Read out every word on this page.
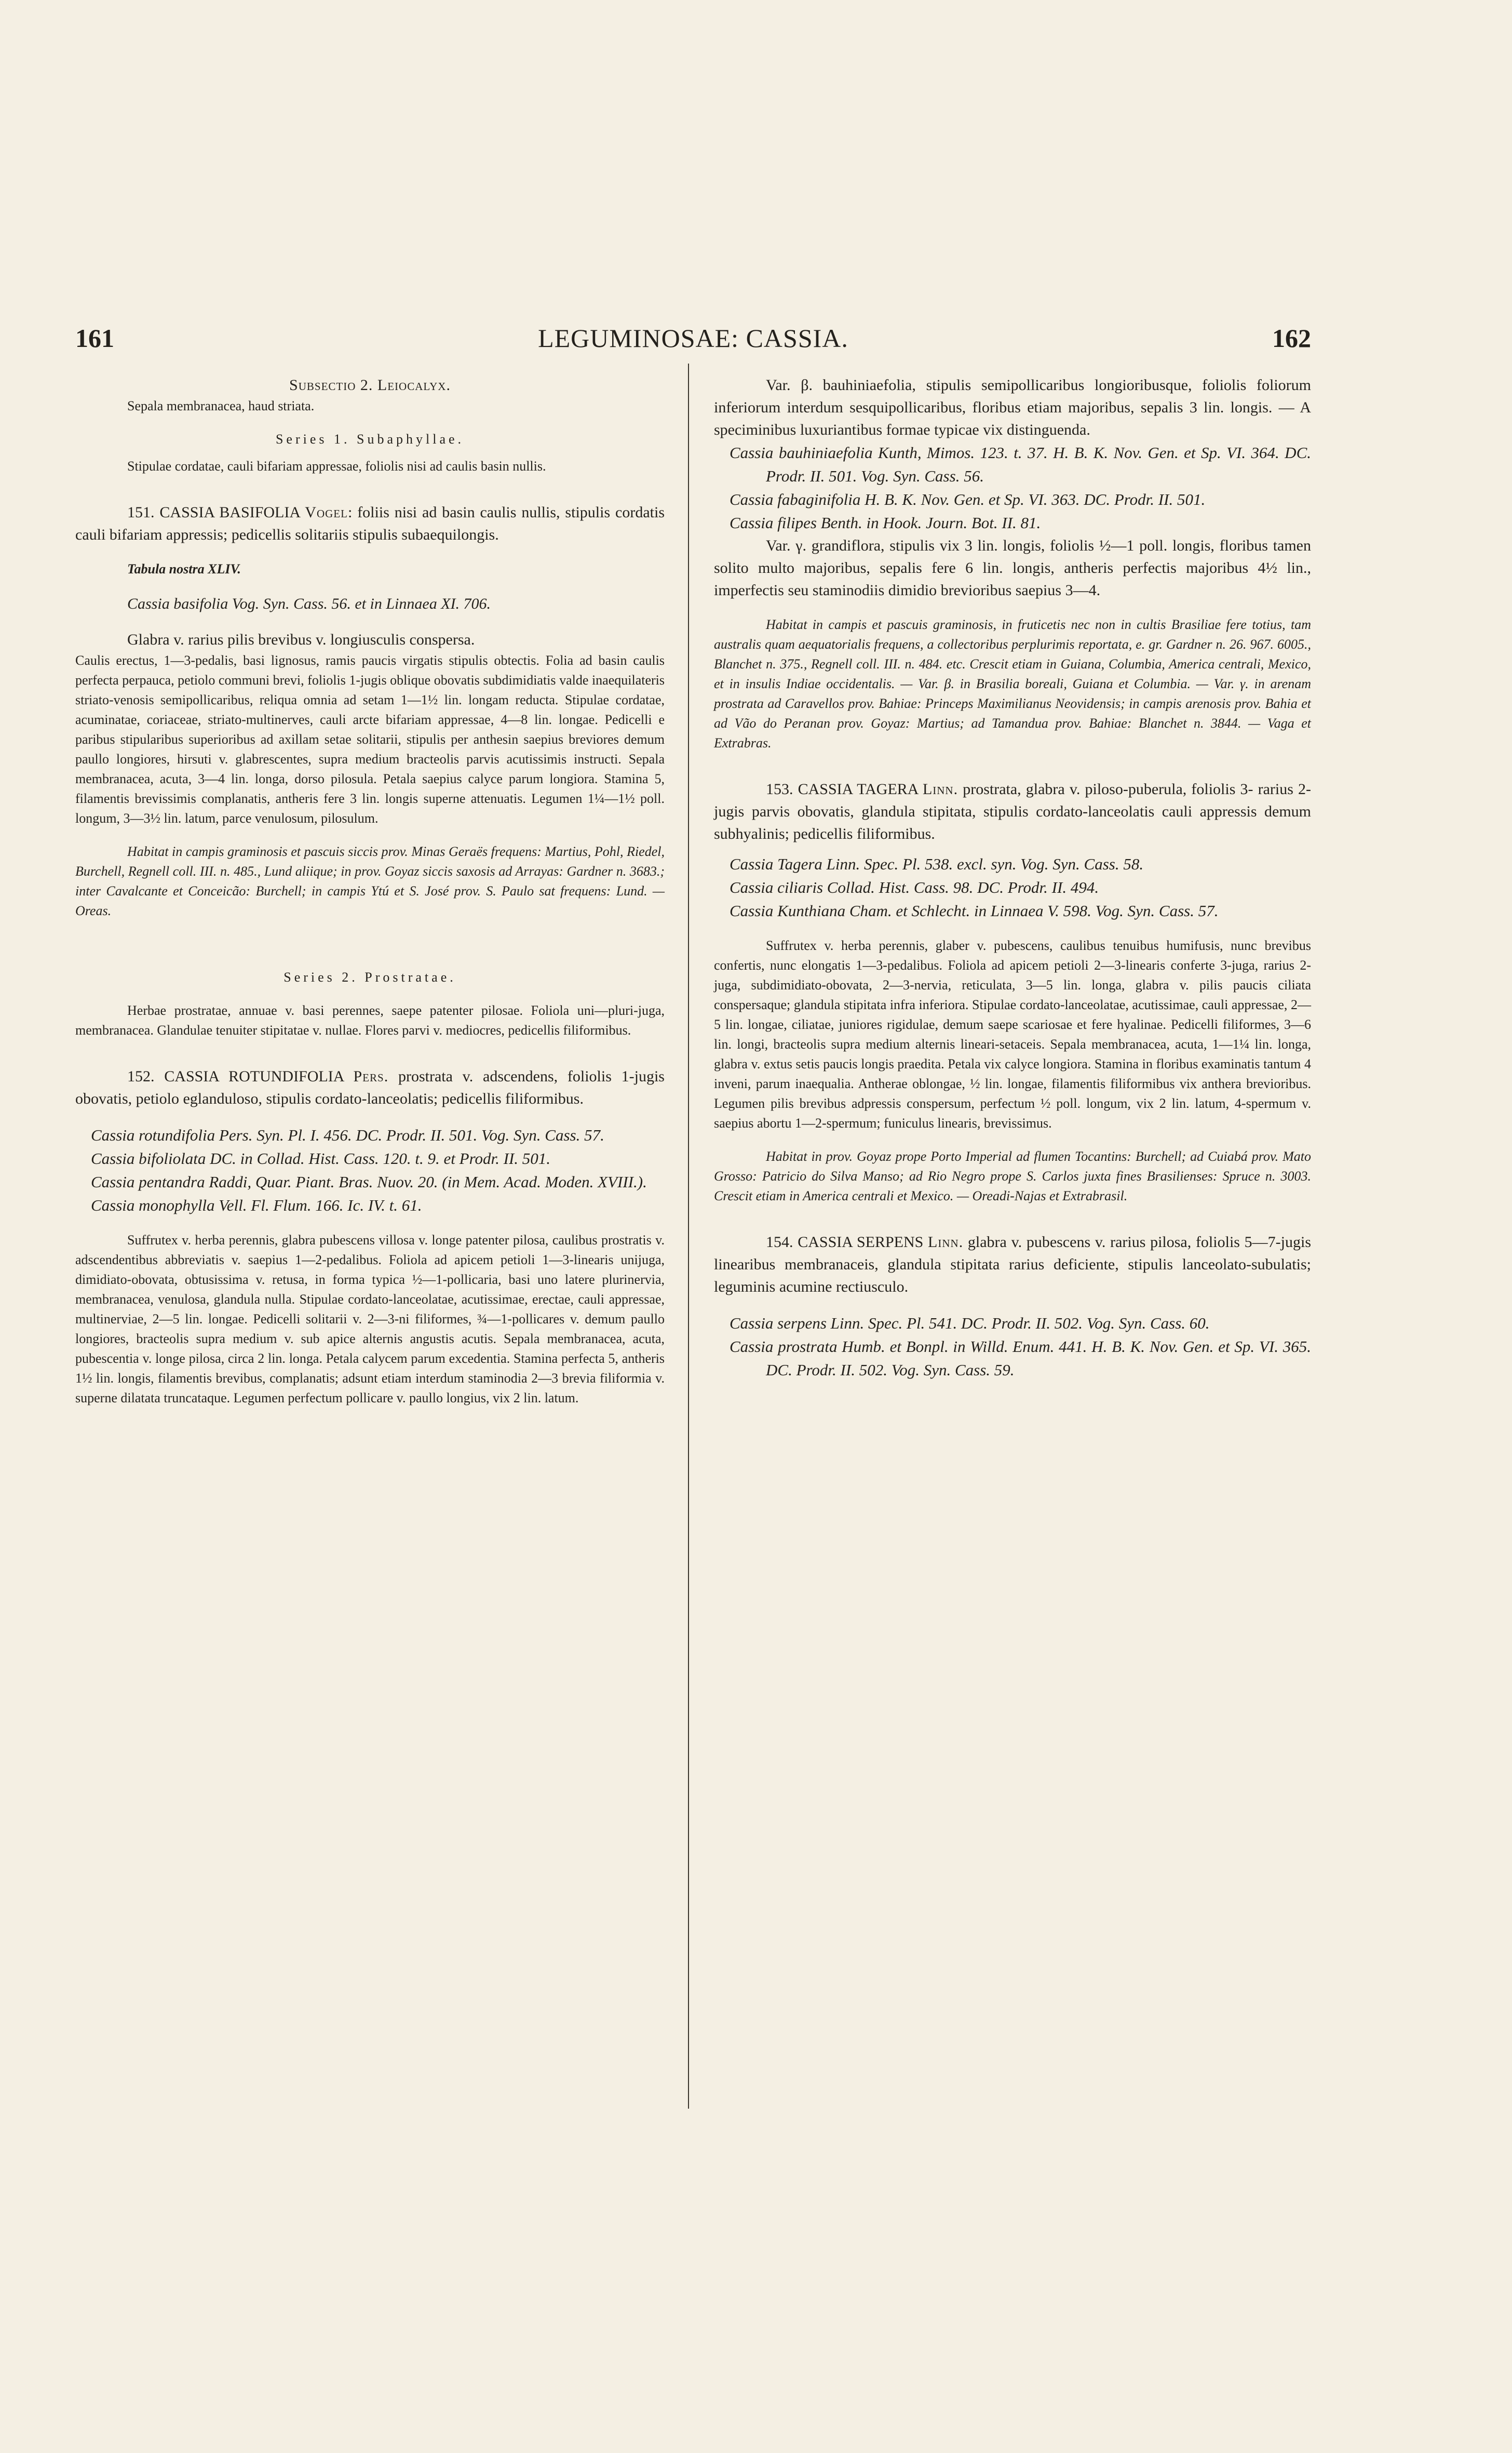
161	LEGUMINOSAE: CASSIA.	162

Subsectio 2. Leiocalyx.

Sepala membranacea, haud striata.

Series 1. Subaphyllae.

Stipulae cordatae, cauli bifariam appressae, foliolis nisi ad caulis basin nullis.

151. CASSIA BASIFOLIA Vogel: foliis nisi ad basin caulis nullis, stipulis cordatis cauli bifariam appressis; pedicellis solitariis stipulis subaequilongis.

Tabula nostra XLIV.

Cassia basifolia Vog. Syn. Cass. 56. et in Linnaea XI. 706.

Glabra v. rarius pilis brevibus v. longiusculis conspersa.

Caulis erectus, 1—3-pedalis, basi lignosus, ramis paucis virgatis stipulis obtectis. Folia ad basin caulis perfecta perpauca, petiolo communi brevi, foliolis 1-jugis oblique obovatis subdimidiatis valde inaequilateris striato-venosis semipollicaribus, reliqua omnia ad setam 1—1½ lin. longam reducta. Stipulae cordatae, acuminatae, coriaceae, striato-multinerves, cauli arcte bifariam appressae, 4—8 lin. longae. Pedicelli e paribus stipularibus superioribus ad axillam setae solitarii, stipulis per anthesin saepius breviores demum paullo longiores, hirsuti v. glabrescentes, supra medium bracteolis parvis acutissimis instructi. Sepala membranacea, acuta, 3—4 lin. longa, dorso pilosula. Petala saepius calyce parum longiora. Stamina 5, filamentis brevissimis complanatis, antheris fere 3 lin. longis superne attenuatis. Legumen 1¼—1½ poll. longum, 3—3½ lin. latum, parce venulosum, pilosulum.

Habitat in campis graminosis et pascuis siccis prov. Minas Geraës frequens: Martius, Pohl, Riedel, Burchell, Regnell coll. III. n. 485., Lund aliique; in prov. Goyaz siccis saxosis ad Arrayas: Gardner n. 3683.; inter Cavalcante et Conceicão: Burchell; in campis Ytú et S. José prov. S. Paulo sat frequens: Lund. — Oreas.

Series 2. Prostratae.

Herbae prostratae, annuae v. basi perennes, saepe patenter pilosae. Foliola uni—pluri-juga, membranacea. Glandulae tenuiter stipitatae v. nullae. Flores parvi v. mediocres, pedicellis filiformibus.

152. CASSIA ROTUNDIFOLIA Pers. prostrata v. adscendens, foliolis 1-jugis obovatis, petiolo eglanduloso, stipulis cordato-lanceolatis; pedicellis filiformibus.

Cassia rotundifolia Pers. Syn. Pl. I. 456. DC. Prodr. II. 501. Vog. Syn. Cass. 57.

Cassia bifoliolata DC. in Collad. Hist. Cass. 120. t. 9. et Prodr. II. 501.

Cassia pentandra Raddi, Quar. Piant. Bras. Nuov. 20. (in Mem. Acad. Moden. XVIII.).

Cassia monophylla Vell. Fl. Flum. 166. Ic. IV. t. 61.

Suffrutex v. herba perennis, glabra pubescens villosa v. longe patenter pilosa, caulibus prostratis v. adscendentibus abbreviatis v. saepius 1—2-pedalibus. Foliola ad apicem petioli 1—3-linearis unijuga, dimidiato-obovata, obtusissima v. retusa, in forma typica ½—1-pollicaria, basi uno latere plurinervia, membranacea, venulosa, glandula nulla. Stipulae cordato-lanceolatae, acutissimae, erectae, cauli appressae, multinerviae, 2—5 lin. longae. Pedicelli solitarii v. 2—3-ni filiformes, ¾—1-pollicares v. demum paullo longiores, bracteolis supra medium v. sub apice alternis angustis acutis. Sepala membranacea, acuta, pubescentia v. longe pilosa, circa 2 lin. longa. Petala calycem parum excedentia. Stamina perfecta 5, antheris 1½ lin. longis, filamentis brevibus, complanatis; adsunt etiam interdum staminodia 2—3 brevia filiformia v. superne dilatata truncataque. Legumen perfectum pollicare v. paullo longius, vix 2 lin. latum.

Var. β. bauhiniaefolia, stipulis semipollicaribus longioribusque, foliolis foliorum inferiorum interdum sesquipollicaribus, floribus etiam majoribus, sepalis 3 lin. longis. — A speciminibus luxuriantibus formae typicae vix distinguenda.

Cassia bauhiniaefolia Kunth, Mimos. 123. t. 37. H. B. K. Nov. Gen. et Sp. VI. 364. DC. Prodr. II. 501. Vog. Syn. Cass. 56.

Cassia fabaginifolia H. B. K. Nov. Gen. et Sp. VI. 363. DC. Prodr. II. 501.

Cassia filipes Benth. in Hook. Journ. Bot. II. 81.

Var. γ. grandiflora, stipulis vix 3 lin. longis, foliolis ½—1 poll. longis, floribus tamen solito multo majoribus, sepalis fere 6 lin. longis, antheris perfectis majoribus 4½ lin., imperfectis seu staminodiis dimidio brevioribus saepius 3—4.

Habitat in campis et pascuis graminosis, in fruticetis nec non in cultis Brasiliae fere totius, tam australis quam aequatorialis frequens, a collectoribus perplurimis reportata, e. gr. Gardner n. 26. 967. 6005., Blanchet n. 375., Regnell coll. III. n. 484. etc. Crescit etiam in Guiana, Columbia, America centrali, Mexico, et in insulis Indiae occidentalis. — Var. β. in Brasilia boreali, Guiana et Columbia. — Var. γ. in arenam prostrata ad Caravellos prov. Bahiae: Princeps Maximilianus Neovidensis; in campis arenosis prov. Bahia et ad Vão do Peranan prov. Goyaz: Martius; ad Tamandua prov. Bahiae: Blanchet n. 3844. — Vaga et Extrabras.

153. CASSIA TAGERA Linn. prostrata, glabra v. piloso-puberula, foliolis 3- rarius 2-jugis parvis obovatis, glandula stipitata, stipulis cordato-lanceolatis cauli appressis demum subhyalinis; pedicellis filiformibus.

Cassia Tagera Linn. Spec. Pl. 538. excl. syn. Vog. Syn. Cass. 58.

Cassia ciliaris Collad. Hist. Cass. 98. DC. Prodr. II. 494.

Cassia Kunthiana Cham. et Schlecht. in Linnaea V. 598. Vog. Syn. Cass. 57.

Suffrutex v. herba perennis, glaber v. pubescens, caulibus tenuibus humifusis, nunc brevibus confertis, nunc elongatis 1—3-pedalibus. Foliola ad apicem petioli 2—3-linearis conferte 3-juga, rarius 2-juga, subdimidiato-obovata, 2—3-nervia, reticulata, 3—5 lin. longa, glabra v. pilis paucis ciliata conspersaque; glandula stipitata infra inferiora. Stipulae cordato-lanceolatae, acutissimae, cauli appressae, 2—5 lin. longae, ciliatae, juniores rigidulae, demum saepe scariosae et fere hyalinae. Pedicelli filiformes, 3—6 lin. longi, bracteolis supra medium alternis lineari-setaceis. Sepala membranacea, acuta, 1—1¼ lin. longa, glabra v. extus setis paucis longis praedita. Petala vix calyce longiora. Stamina in floribus examinatis tantum 4 inveni, parum inaequalia. Antherae oblongae, ½ lin. longae, filamentis filiformibus vix anthera brevioribus. Legumen pilis brevibus adpressis conspersum, perfectum ½ poll. longum, vix 2 lin. latum, 4-spermum v. saepius abortu 1—2-spermum; funiculus linearis, brevissimus.

Habitat in prov. Goyaz prope Porto Imperial ad flumen Tocantins: Burchell; ad Cuiabá prov. Mato Grosso: Patricio do Silva Manso; ad Rio Negro prope S. Carlos juxta fines Brasilienses: Spruce n. 3003. Crescit etiam in America centrali et Mexico. — Oreadi-Najas et Extrabrasil.

154. CASSIA SERPENS Linn. glabra v. pubescens v. rarius pilosa, foliolis 5—7-jugis linearibus membranaceis, glandula stipitata rarius deficiente, stipulis lanceolato-subulatis; leguminis acumine rectiusculo.

Cassia serpens Linn. Spec. Pl. 541. DC. Prodr. II. 502. Vog. Syn. Cass. 60.

Cassia prostrata Humb. et Bonpl. in Willd. Enum. 441. H. B. K. Nov. Gen. et Sp. VI. 365. DC. Prodr. II. 502. Vog. Syn. Cass. 59.
